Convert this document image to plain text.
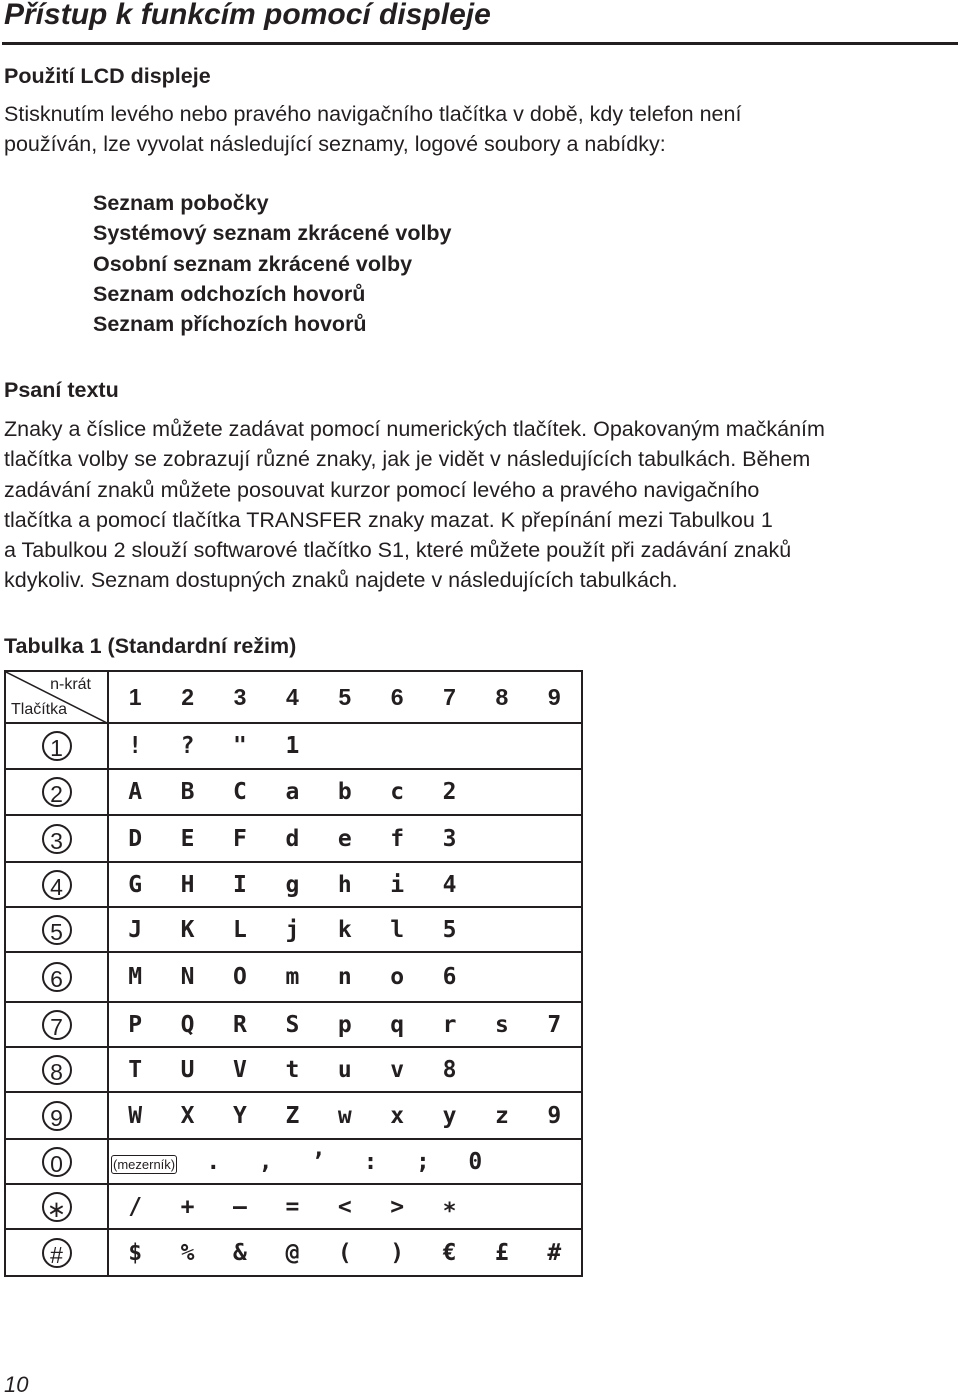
Přístup k funkcím pomocí displeje
Použití LCD displeje
Stisknutím levého nebo pravého navigačního tlačítka v době, kdy telefon není
používán, lze vyvolat následující seznamy, logové soubory a nabídky:
Seznam pobočky
Systémový seznam zkrácené volby
Osobní seznam zkrácené volby
Seznam odchozích hovorů
Seznam příchozích hovorů
Psaní textu
Znaky a číslice můžete zadávat pomocí numerických tlačítek. Opakovaným mačkáním
tlačítka volby se zobrazují různé znaky, jak je vidět v následujících tabulkách. Během
zadávání znaků můžete posouvat kurzor pomocí levého a pravého navigačního
tlačítka a pomocí tlačítka TRANSFER znaky mazat. K přepínání mezi Tabulkou 1
a Tabulkou 2 slouží softwarové tlačítko S1, které můžete použít při zadávání znaků
kdykoliv. Seznam dostupných znaků najdete v následujících tabulkách.
Tabulka 1 (Standardní režim)
n-krát
Tlačítka	1 2 3 4 5 6 7 8 9

1	! ? " 1

2	A B C a b c 2

3	D E F d e f 3

4	G H I g h i 4

5	J K L j k l 5

6	M N O m n o 6

7	P Q R S p q r s 7

8	T U V t u v 8

9	W X Y Z w x y z 9

0	(mezerník) . , ’ : ; 0

∗	/ + — = < > ∗

#	$ % & @ ( ) € £ #
10
